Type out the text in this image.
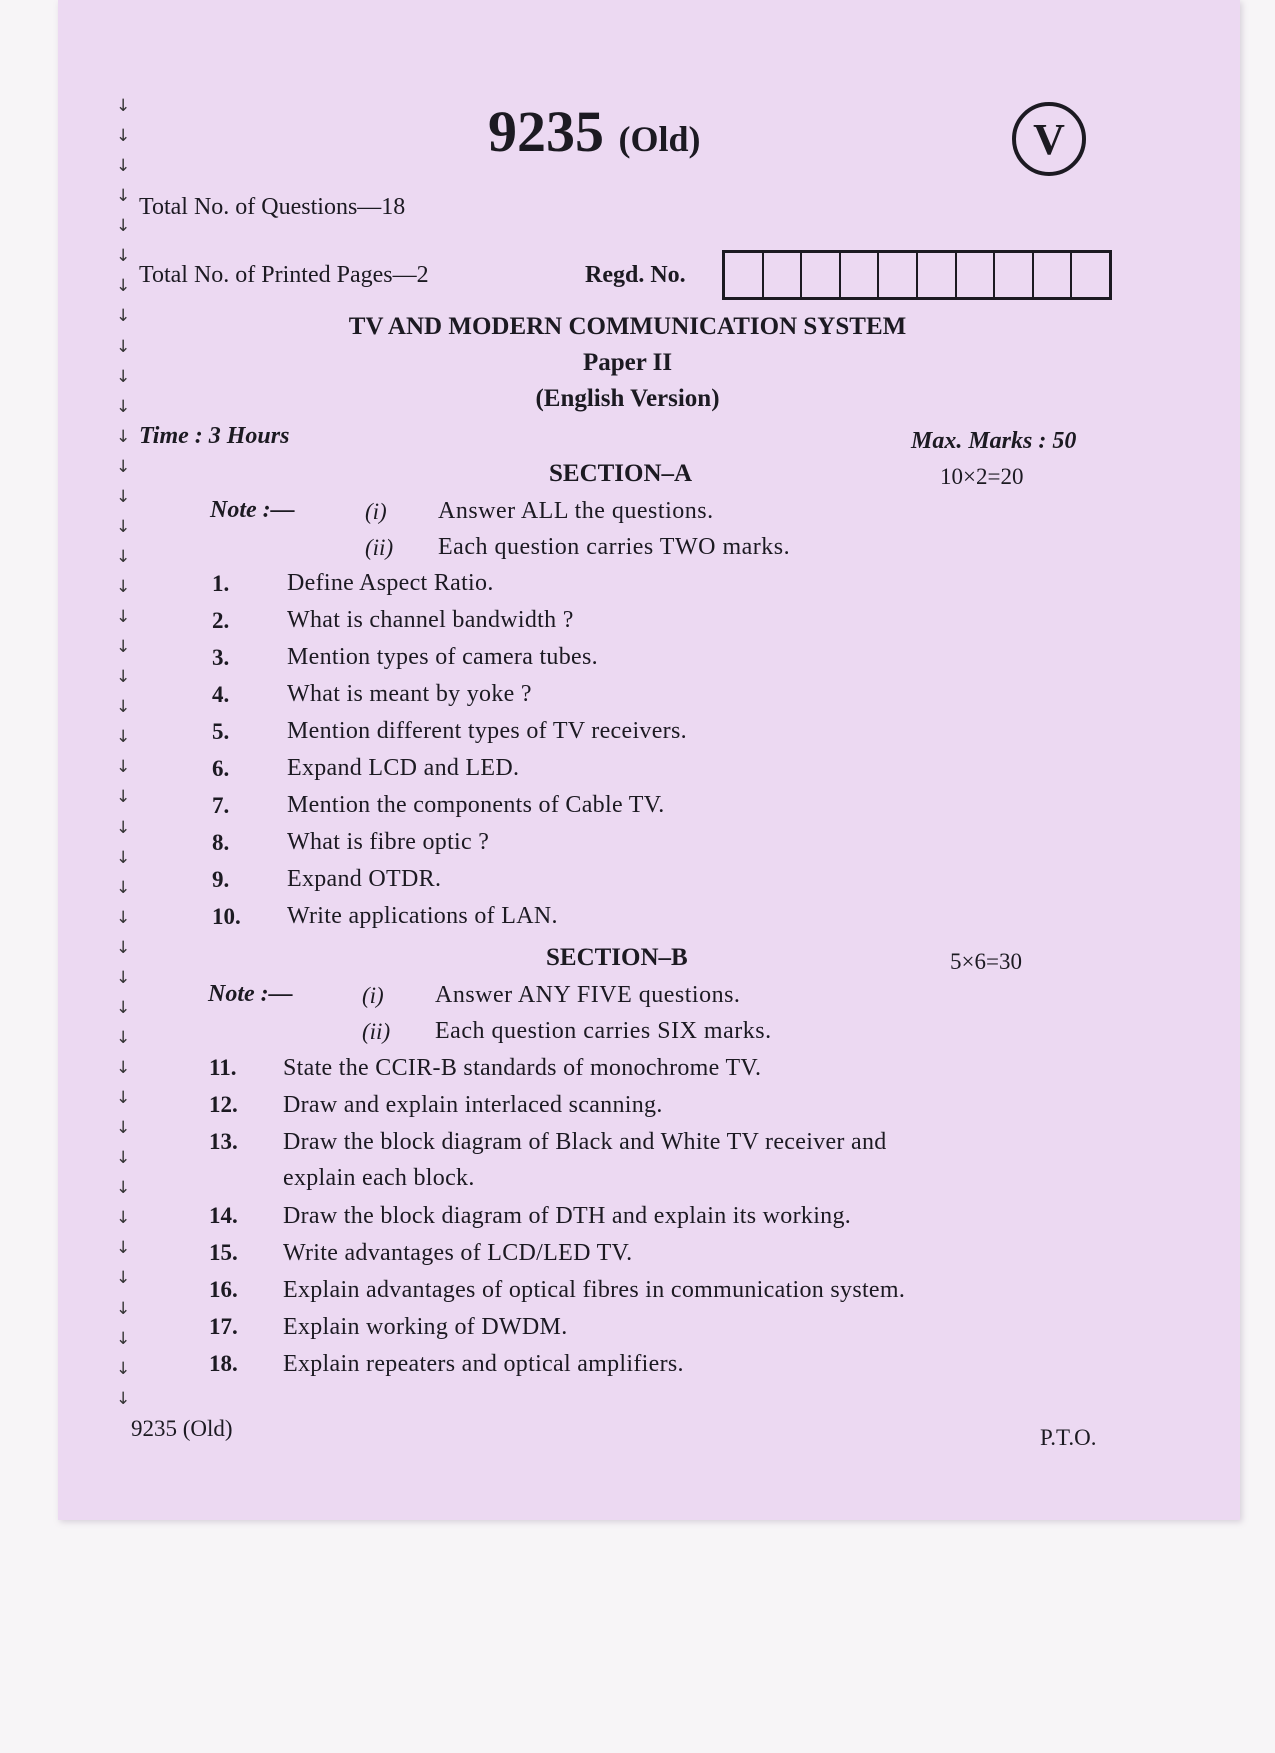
↓
↓
↓
↓
↓
↓
↓
↓
↓
↓
↓
↓
↓
↓
↓
↓
↓
↓
↓
↓
↓
↓
↓
↓
↓
↓
↓
↓
↓
↓
↓
↓
↓
↓
↓
↓
↓
↓
↓
↓
↓
↓
↓
↓
9235 (Old)	V
Total No. of Questions—18
Total No. of Printed Pages—2	Regd. No.
TV AND MODERN COMMUNICATION SYSTEM
Paper II
(English Version)
Time : 3 Hours	Max. Marks : 50
SECTION–A	10×2=20
Note :—	(i) Answer ALL the questions.
(ii) Each question carries TWO marks.
1. Define Aspect Ratio.
2. What is channel bandwidth ?
3. Mention types of camera tubes.
4. What is meant by yoke ?
5. Mention different types of TV receivers.
6. Expand LCD and LED.
7. Mention the components of Cable TV.
8. What is fibre optic ?
9. Expand OTDR.
10. Write applications of LAN.
SECTION–B	5×6=30
Note :—	(i) Answer ANY FIVE questions.
(ii) Each question carries SIX marks.
11. State the CCIR-B standards of monochrome TV.
12. Draw and explain interlaced scanning.
13. Draw the block diagram of Black and White TV receiver and
explain each block.
14. Draw the block diagram of DTH and explain its working.
15. Write advantages of LCD/LED TV.
16. Explain advantages of optical fibres in communication system.
17. Explain working of DWDM.
18. Explain repeaters and optical amplifiers.
9235 (Old)	P.T.O.
